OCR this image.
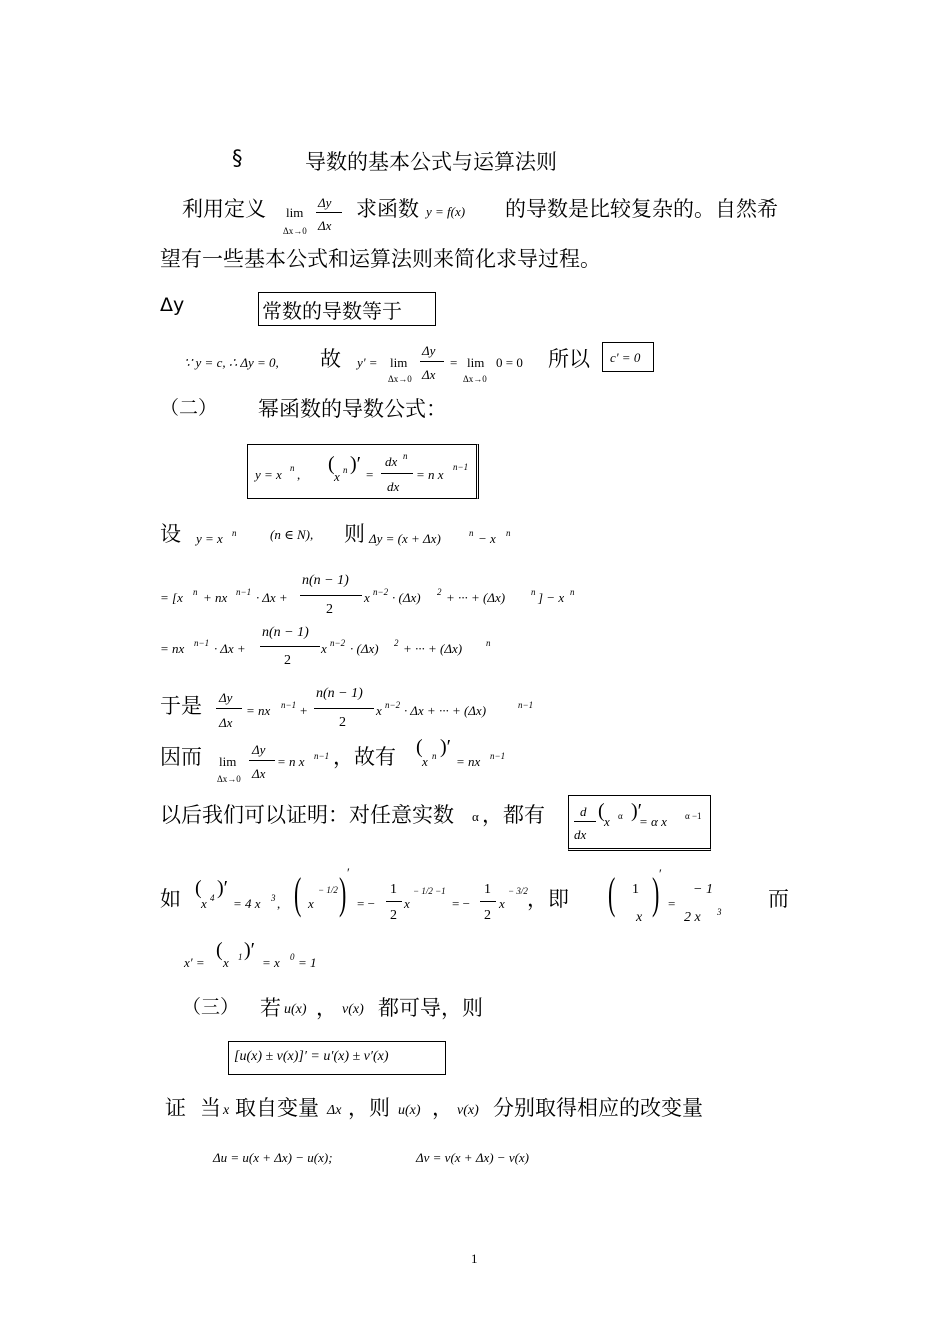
§	导数的基本公式与运算法则
利用定义 lim
Δx→0
Δy
Δx
求函数 y = f(x) 的导数是比较复杂的。自然希
望有一些基本公式和运算法则来简化求导过程。
Δy	常数的导数等于
∵ y = c, ∴ Δy = 0, 故 y' = lim
Δx→0
Δy
Δx
= lim
Δx→0
0 = 0 所以 c' = 0
（二） 幂函数的导数公式：
y = x n , (
x n )′ =
dx n
dx
= n x n−1
设 y = x n	(n ∈ N), 则 Δy = (x + Δx)	n − x n
= [x n + nx n−1 · Δx +
n(n − 1)
2
x n−2 · (Δx) 2 + ··· + (Δx)	n ] − x n
= nx n−1 · Δx +
n(n − 1)
2
x n−2 · (Δx) 2 + ··· + (Δx)	n
于是 Δy
Δx
= nx n−1 +
n(n − 1)
2
x n−2 · Δx + ··· + (Δx)	n−1
因而 lim
Δx→0
Δy
Δx
= n x n−1 ，故有 (
x n )′
= nx n−1
以后我们可以证明：对任意实数 α ，都有	d
dx
( x α )′
= α x α −1
如 (
x 4 )′
= 4 x 3 , ( x
− 1/2 ) ′
= −
1
2
x
− 1/2 −1
= −
1
2
x
− 3/2 ，即 ( 1
x ) ′
=
− 1
2 x 3
而
x′ =
(
x 1 )′
= x 0 = 1
（三） 若 u(x) ， v(x) 都可导，则
[u(x) ± v(x)]′ = u′(x) ± v′(x)
证 当 x 取自变量 Δx ，则 u(x) ， v(x) 分别取得相应的改变量
Δu = u(x + Δx) − u(x);	Δv = v(x + Δx) − v(x)
1
